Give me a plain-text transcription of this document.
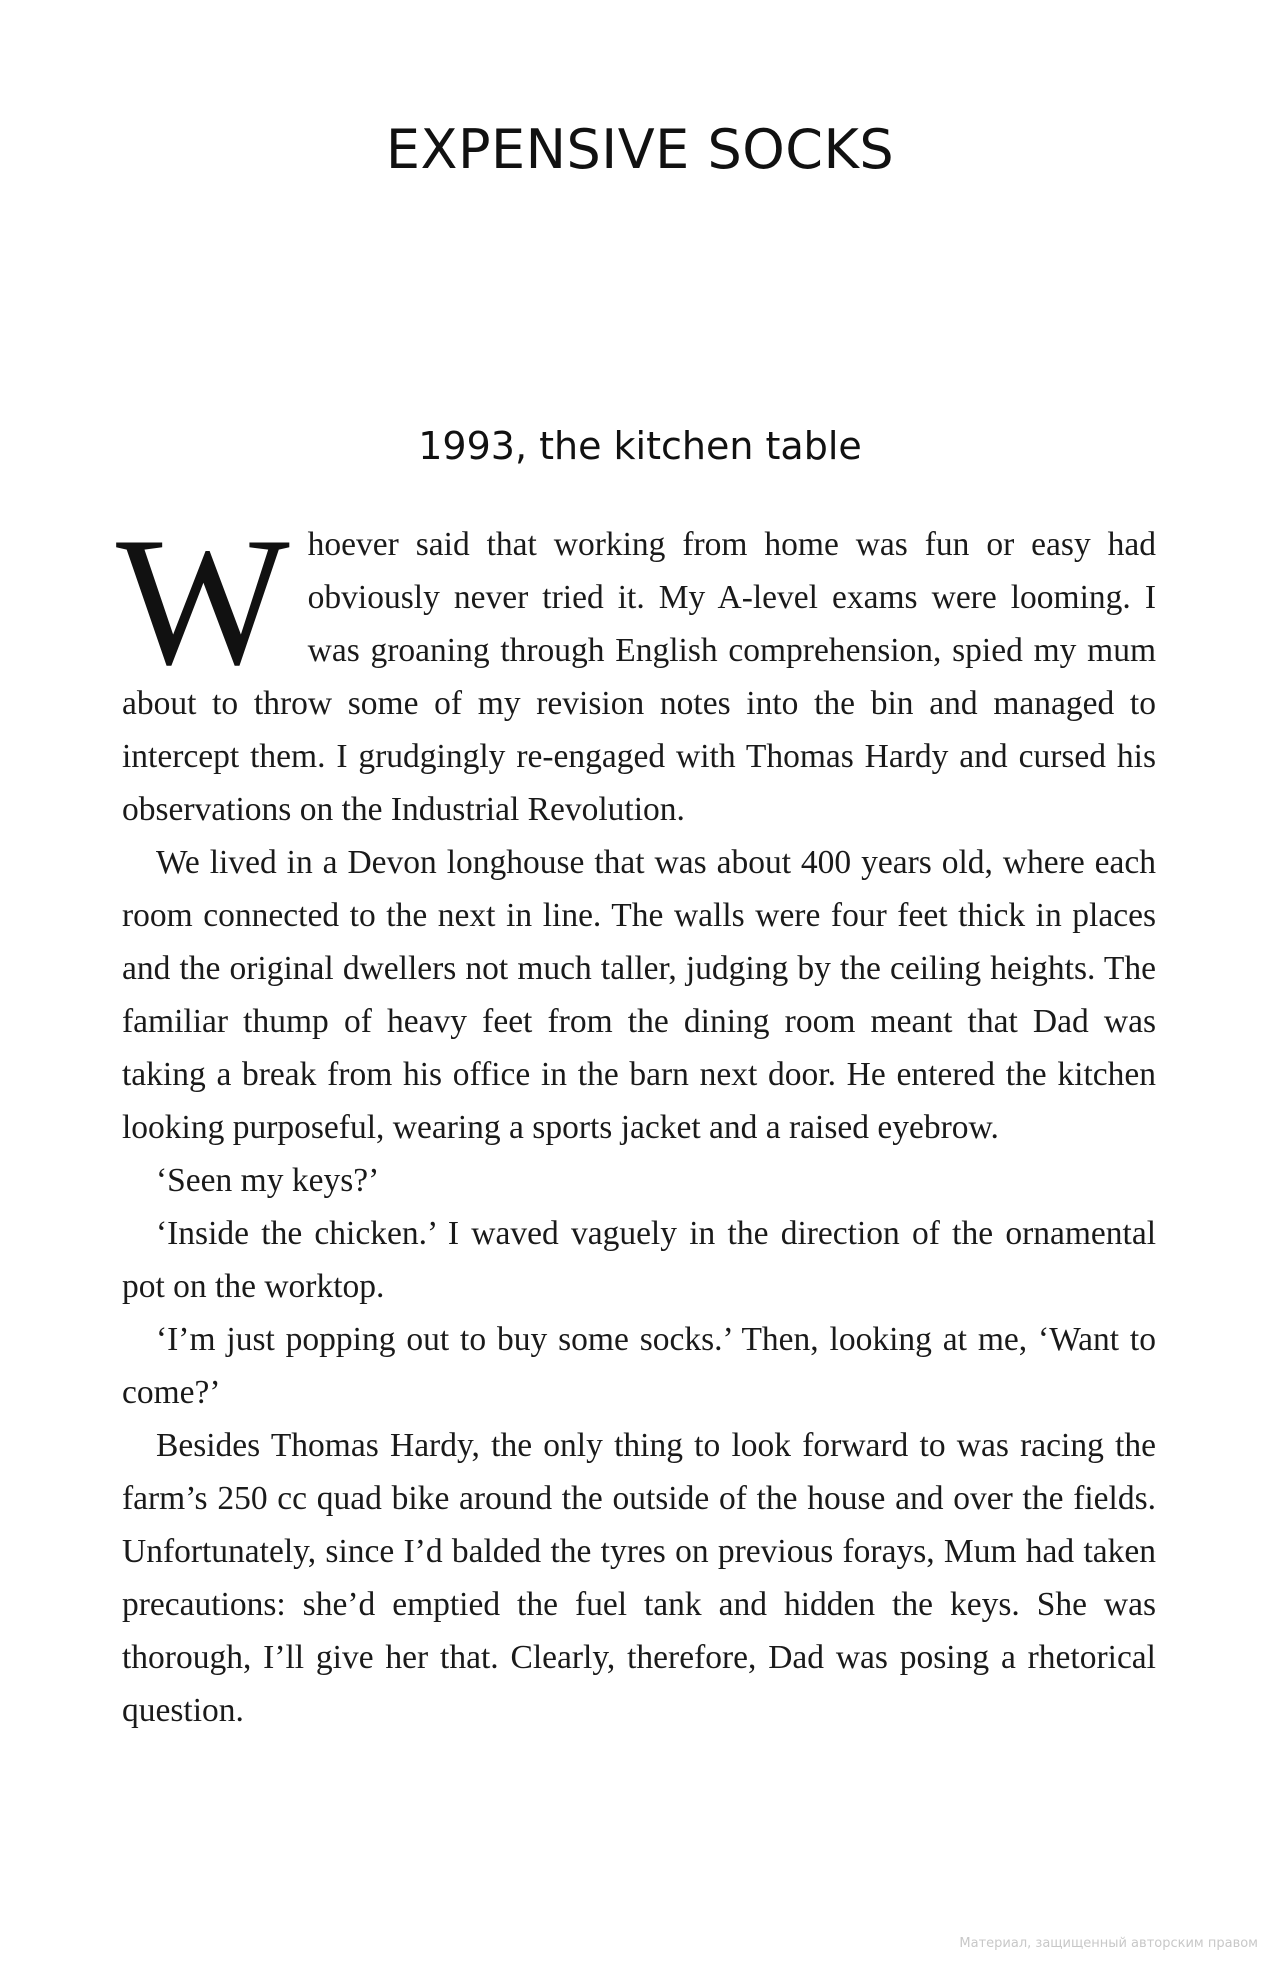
EXPENSIVE SOCKS
1993, the kitchen table

Whoever said that working from home was fun or easy had obviously never tried it. My A-level exams were looming. I was groaning through English comprehension, spied my mum about to throw some of my revision notes into the bin and managed to intercept them. I grudgingly re-engaged with Thomas Hardy and cursed his observations on the Industrial Revolution.

We lived in a Devon longhouse that was about 400 years old, where each room connected to the next in line. The walls were four feet thick in places and the original dwellers not much taller, judging by the ceiling heights. The familiar thump of heavy feet from the dining room meant that Dad was taking a break from his office in the barn next door. He entered the kitchen looking purposeful, wearing a sports jacket and a raised eyebrow.

‘Seen my keys?’

‘Inside the chicken.’ I waved vaguely in the direction of the ornamental pot on the worktop.

‘I’m just popping out to buy some socks.’ Then, looking at me, ‘Want to come?’

Besides Thomas Hardy, the only thing to look forward to was racing the farm’s 250 cc quad bike around the outside of the house and over the fields. Unfortunately, since I’d balded the tyres on previous forays, Mum had taken precautions: she’d emptied the fuel tank and hidden the keys. She was thorough, I’ll give her that. Clearly, therefore, Dad was posing a rhetorical question.

Материал, защищенный авторским правом
